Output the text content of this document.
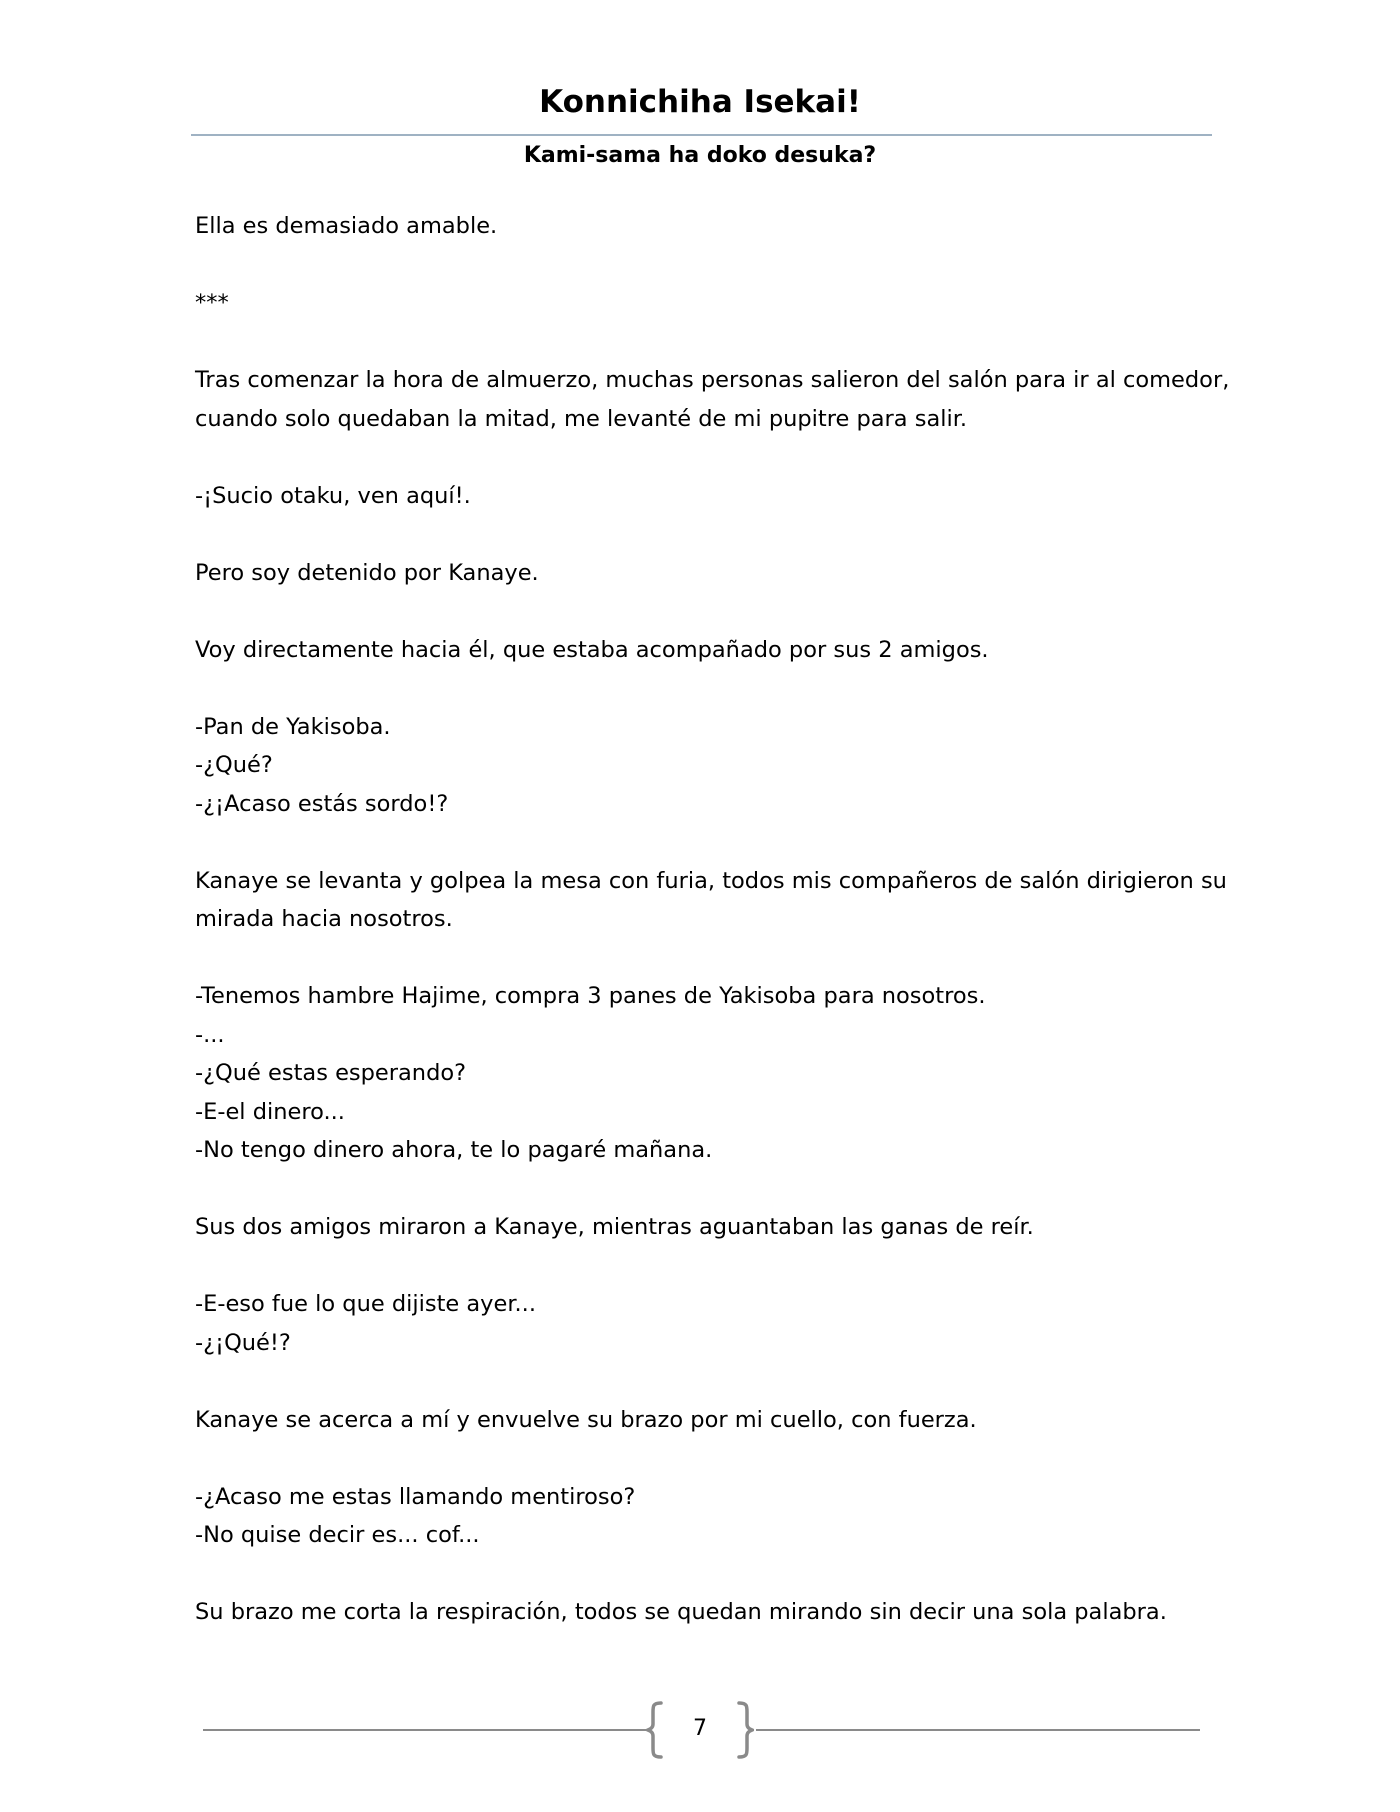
Konnichiha Isekai!
Kami-sama ha doko desuka?
Ella es demasiado amable.
***
Tras comenzar la hora de almuerzo, muchas personas salieron del salón para ir al comedor,
cuando solo quedaban la mitad, me levanté de mi pupitre para salir.
-¡Sucio otaku, ven aquí!.
Pero soy detenido por Kanaye.
Voy directamente hacia él, que estaba acompañado por sus 2 amigos.
-Pan de Yakisoba.
-¿Qué?
-¿¡Acaso estás sordo!?
Kanaye se levanta y golpea la mesa con furia, todos mis compañeros de salón dirigieron su
mirada hacia nosotros.
-Tenemos hambre Hajime, compra 3 panes de Yakisoba para nosotros.
-...
-¿Qué estas esperando?
-E-el dinero...
-No tengo dinero ahora, te lo pagaré mañana.
Sus dos amigos miraron a Kanaye, mientras aguantaban las ganas de reír.
-E-eso fue lo que dijiste ayer...
-¿¡Qué!?
Kanaye se acerca a mí y envuelve su brazo por mi cuello, con fuerza.
-¿Acaso me estas llamando mentiroso?
-No quise decir es... cof...
Su brazo me corta la respiración, todos se quedan mirando sin decir una sola palabra.
7
